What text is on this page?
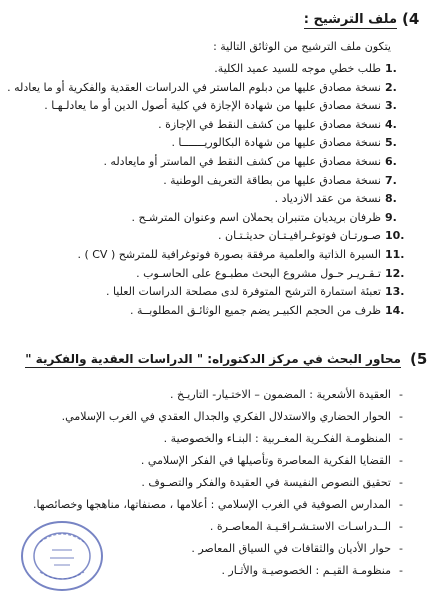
(4
ملف الترشيح :
يتكون ملف الترشيح من الوثائق التالية :
1.
طلب خطي موجه للسيد عميد الكلية.
2.
نسخة مصادق عليها من دبلوم الماستر في الدراسات العقدية والفكرية أو ما يعادله .
3.
نسخة مصادق عليها من شهادة الإجازة في كلية أصول الدين أو ما يعادلـهـا .
4.
نسخة مصادق عليها من كشف النقط في الإجازة .
5.
نسخة مصادق عليها من شهادة البكالوريـــــــا .
6.
نسخة مصادق عليها من كشف النقط في الماستر أو مايعادله .
7.
نسخة مصادق عليها من بطاقة التعريف الوطنية .
8.
نسخة من عقد الازدياد .
9.
ظرفان بريديان متنبران يحملان اسم وعنوان المترشـح .
10.
صـورتـان فوتوغـرافيـتـان حديثـتـان .
11.
السيرة الذاتية والعلمية مرفقة بصورة فوتوغرافية للمترشح ( CV ) .
12.
تـقـريـر حـول مشروع البحث مطبـوع على الحاسـوب .
13.
تعبئة استمارة الترشح المتوفرة لدى مصلحة الدراسات العليا .
14.
ظرف من الحجم الكبيـر يضم جميع الوثائـق المطلوبــة .
(5
محاور البحث في مركز الدكتوراه: " الدراسات العقدية والفكرية "
-العقيدة الأشعرية : المضمون – الاختـيار- التاريـخ .
-الحوار الحضاري والاستدلال الفكري والجدال العقدي في الغرب الإسلامي.
-المنظومـة الفكـرية المغـربية : البنـاء والخصوصية .
-القضايا الفكرية المعاصرة وتأصيلها في الفكر الإسلامي .
-تحقيق النصوص النفيسة في العقيدة والفكر والتصـوف .
-المدارس الصوفية في الغرب الإسلامي : أعلامها ، مصنفاتها، مناهجها وخصائصها.
-الــدراسـات الاستـشـراقـيـة المعاصـرة .
-حوار الأديان والثقافات في السياق المعاصر .
-منظومـة القيـم : الخصوصيـة والأثـار .
